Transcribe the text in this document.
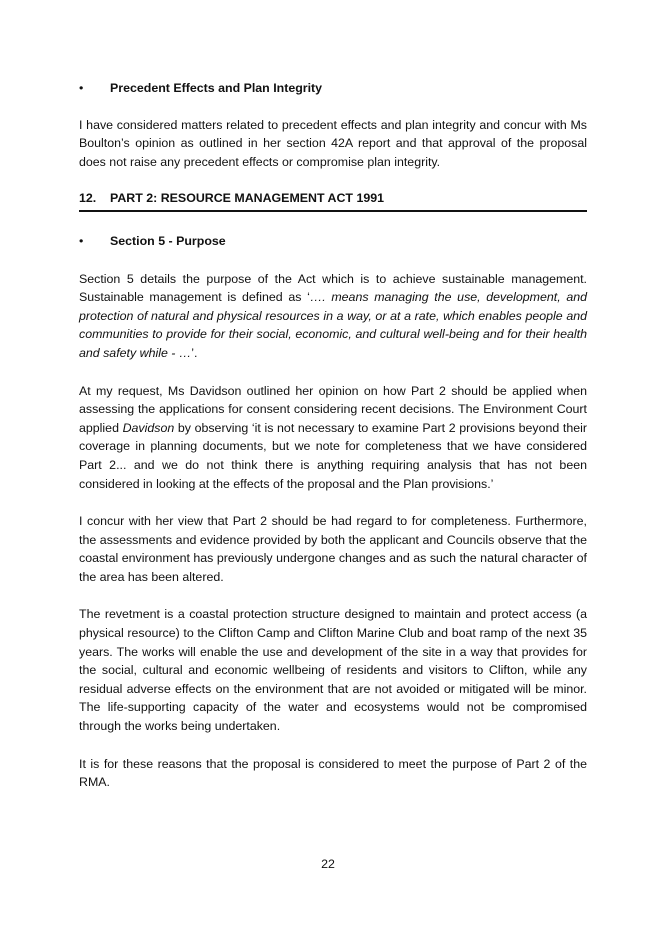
• Precedent Effects and Plan Integrity

I have considered matters related to precedent effects and plan integrity and concur with Ms Boulton’s opinion as outlined in her section 42A report and that approval of the proposal does not raise any precedent effects or compromise plan integrity.

12. PART 2: RESOURCE MANAGEMENT ACT 1991
• Section 5 - Purpose

Section 5 details the purpose of the Act which is to achieve sustainable management. Sustainable management is defined as ‘…. means managing the use, development, and protection of natural and physical resources in a way, or at a rate, which enables people and communities to provide for their social, economic, and cultural well-being and for their health and safety while - …’.

At my request, Ms Davidson outlined her opinion on how Part 2 should be applied when assessing the applications for consent considering recent decisions. The Environment Court applied Davidson by observing ‘it is not necessary to examine Part 2 provisions beyond their coverage in planning documents, but we note for completeness that we have considered Part 2... and we do not think there is anything requiring analysis that has not been considered in looking at the effects of the proposal and the Plan provisions.’

I concur with her view that Part 2 should be had regard to for completeness. Furthermore, the assessments and evidence provided by both the applicant and Councils observe that the coastal environment has previously undergone changes and as such the natural character of the area has been altered.

The revetment is a coastal protection structure designed to maintain and protect access (a physical resource) to the Clifton Camp and Clifton Marine Club and boat ramp of the next 35 years. The works will enable the use and development of the site in a way that provides for the social, cultural and economic wellbeing of residents and visitors to Clifton, while any residual adverse effects on the environment that are not avoided or mitigated will be minor. The life-supporting capacity of the water and ecosystems would not be compromised through the works being undertaken.

It is for these reasons that the proposal is considered to meet the purpose of Part 2 of the RMA.

22
